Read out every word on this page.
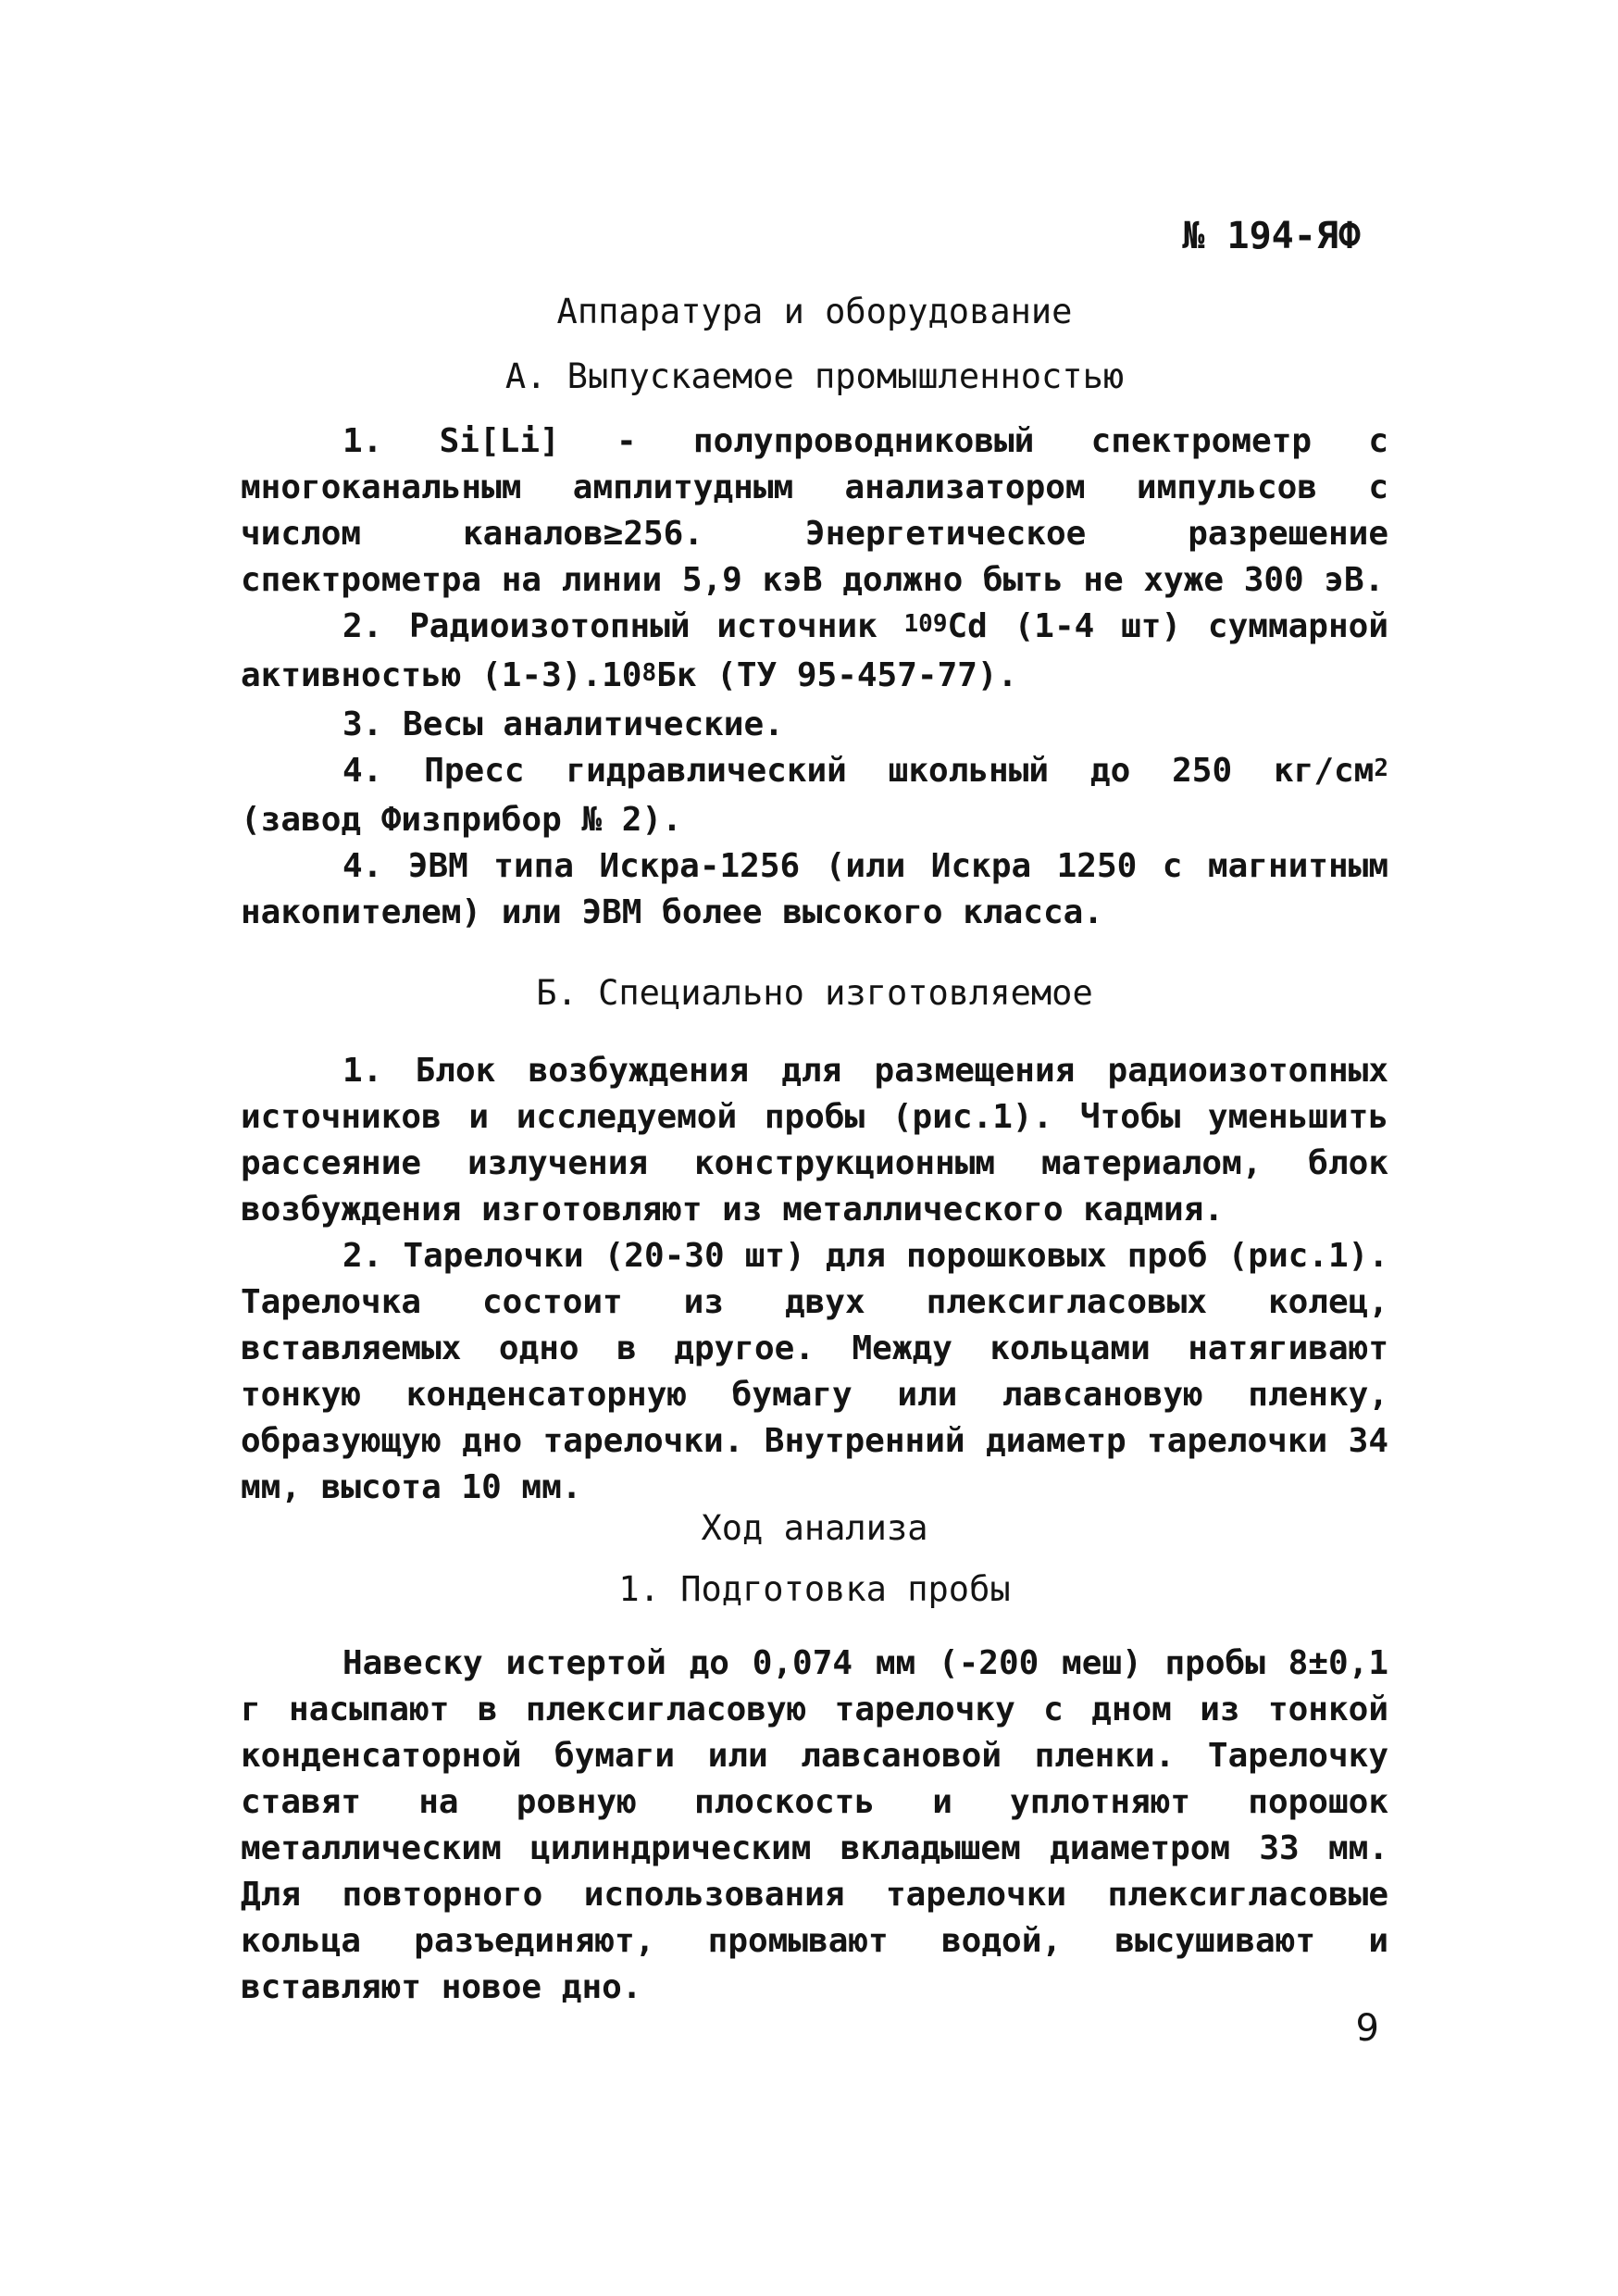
№ 194-ЯФ
Аппаратура и оборудование
А. Выпускаемое промышленностью

1. Si[Li] - полупроводниковый спектрометр с многоканальным амплитудным анализатором импульсов с числом каналов≥256. Энергетическое разрешение спектрометра на линии 5,9 кэВ должно быть не хуже 300 эВ.

2. Радиоизотопный источник $^{109}$Cd (1-4 шт) суммарной активностью $(1-3).10^8Бк$ (ТУ 95-457-77).

3. Весы аналитические.

4. Пресс гидравлический школьный до 250 $кг/см^2$ (завод Физприбор № 2).

4. ЭВМ типа Искра-1256 (или Искра 1250 с магнитным накопителем) или ЭВМ более высокого класса.

Б. Специально изготовляемое

1. Блок возбуждения для размещения радиоизотопных источников и исследуемой пробы (рис.1). Чтобы уменьшить рассеяние излучения конструкционным материалом, блок возбуждения изготовляют из металлического кадмия.

2. Тарелочки (20-30 шт) для порошковых проб (рис.1). Тарелочка состоит из двух плексигласовых колец, вставляемых одно в другое. Между кольцами натягивают тонкую конденсаторную бумагу или лавсановую пленку, образующую дно тарелочки. Внутренний диаметр тарелочки 34 мм, высота 10 мм.

Ход анализа
1. Подготовка пробы

Навеску истертой до 0,074 мм (-200 меш) пробы 8±0,1 г насыпают в плексигласовую тарелочку с дном из тонкой конденсаторной бумаги или лавсановой пленки. Тарелочку ставят на ровную плоскость и уплотняют порошок металлическим цилиндрическим вкладышем диаметром 33 мм. Для повторного использования тарелочки плексигласовые кольца разъединяют, промывают водой, высушивают и вставляют новое дно.

9
